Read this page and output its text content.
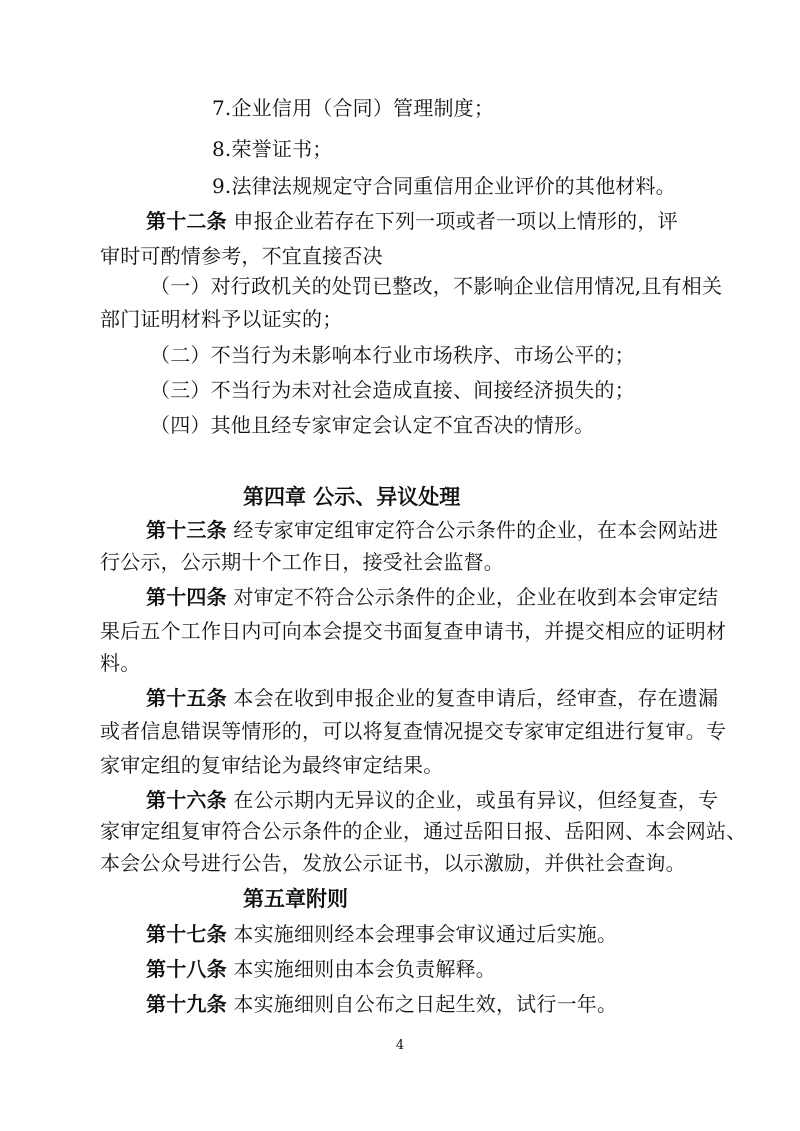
7.企业信用（合同）管理制度；
8.荣誉证书；
9.法律法规规定守合同重信用企业评价的其他材料。
第十二条 申报企业若存在下列一项或者一项以上情形的，评
审时可酌情参考，不宜直接否决
（一）对行政机关的处罚已整改，不影响企业信用情况,且有相关
部门证明材料予以证实的；
（二）不当行为未影响本行业市场秩序、市场公平的；
（三）不当行为未对社会造成直接、间接经济损失的；
（四）其他且经专家审定会认定不宜否决的情形。
第四章 公示、异议处理
第十三条 经专家审定组审定符合公示条件的企业，在本会网站进
行公示，公示期十个工作日，接受社会监督。
第十四条 对审定不符合公示条件的企业，企业在收到本会审定结
果后五个工作日内可向本会提交书面复查申请书，并提交相应的证明材
料。
第十五条 本会在收到申报企业的复查申请后，经审查，存在遗漏
或者信息错误等情形的，可以将复查情况提交专家审定组进行复审。专
家审定组的复审结论为最终审定结果。
第十六条 在公示期内无异议的企业，或虽有异议，但经复查，专
家审定组复审符合公示条件的企业，通过岳阳日报、岳阳网、本会网站、
本会公众号进行公告，发放公示证书，以示激励，并供社会查询。
第五章附则
第十七条 本实施细则经本会理事会审议通过后实施。
第十八条 本实施细则由本会负责解释。
第十九条 本实施细则自公布之日起生效，试行一年。
4
